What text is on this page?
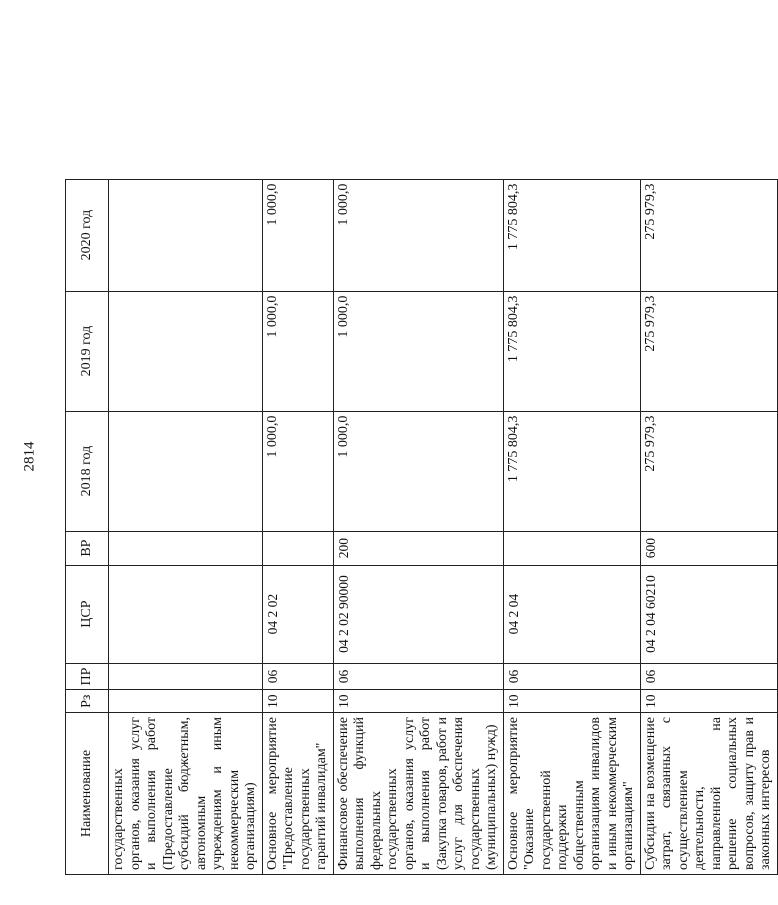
2814
Наименование	Рз	ПР	ЦСР	ВР	2018 год	2019 год	2020 год
государственных органов, оказания услуг и выполнения работ (Предоставление субсидий бюджетным, автономным учреждениям и иным некоммерческим организациям)							
Основное мероприятие "Предоставление государственных гарантий инвалидам"	10	06	04 2 02		1 000,0	1 000,0	1 000,0
Финансовое обеспечение выполнения функций федеральных государственных органов, оказания услуг и выполнения работ (Закупка товаров, работ и услуг для обеспечения государственных (муниципальных) нужд)	10	06	04 2 02 90000	200	1 000,0	1 000,0	1 000,0
Основное мероприятие "Оказание государственной поддержки общественным организациям инвалидов и иным некоммерческим организациям"	10	06	04 2 04		1 775 804,3	1 775 804,3	1 775 804,3
Субсидии на возмещение затрат, связанных с осуществлением деятельности, направленной на решение социальных вопросов, защиту прав и законных интересов	10	06	04 2 04 60210	600	275 979,3	275 979,3	275 979,3
